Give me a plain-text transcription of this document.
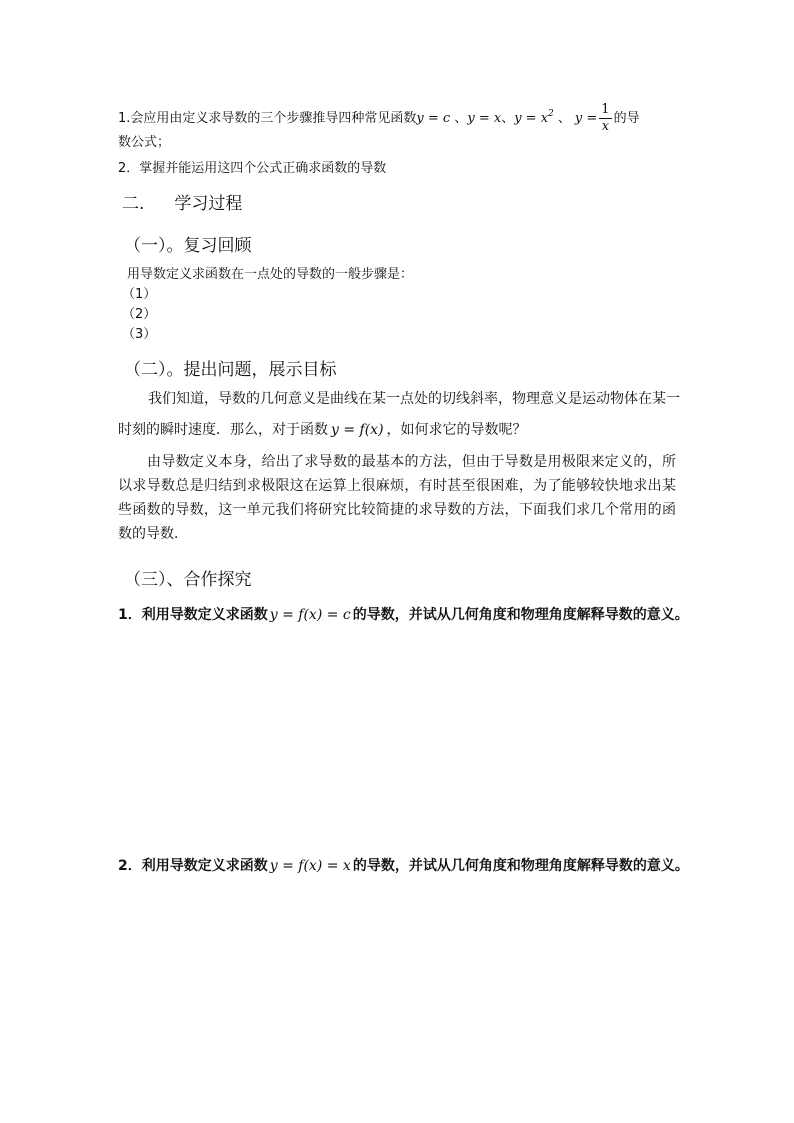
1.会应用由定义求导数的三个步骤推导四种常见函数y = c 、y = x、$y = x^2$ 、 $y = \frac{1}{x}$ 的导
数公式；
2．掌握并能运用这四个公式正确求函数的导数
二. 学习过程
（一）。复习回顾
用导数定义求函数在一点处的导数的一般步骤是：
（1）
（2）
（3）
（二）。提出问题，展示目标
我们知道，导数的几何意义是曲线在某一点处的切线斜率，物理意义是运动物体在某一
时刻的瞬时速度．那么，对于函数 y = f(x) ，如何求它的导数呢？
由导数定义本身，给出了求导数的最基本的方法，但由于导数是用极限来定义的，所以求导数总是归结到求极限这在运算上很麻烦，有时甚至很困难，为了能够较快地求出某些函数的导数，这一单元我们将研究比较简捷的求导数的方法，下面我们求几个常用的函数的导数．
（三）、合作探究
1．利用导数定义求函数 y = f(x) = c 的导数，并试从几何角度和物理角度解释导数的意义。
2．利用导数定义求函数 y = f(x) = x 的导数，并试从几何角度和物理角度解释导数的意义。
